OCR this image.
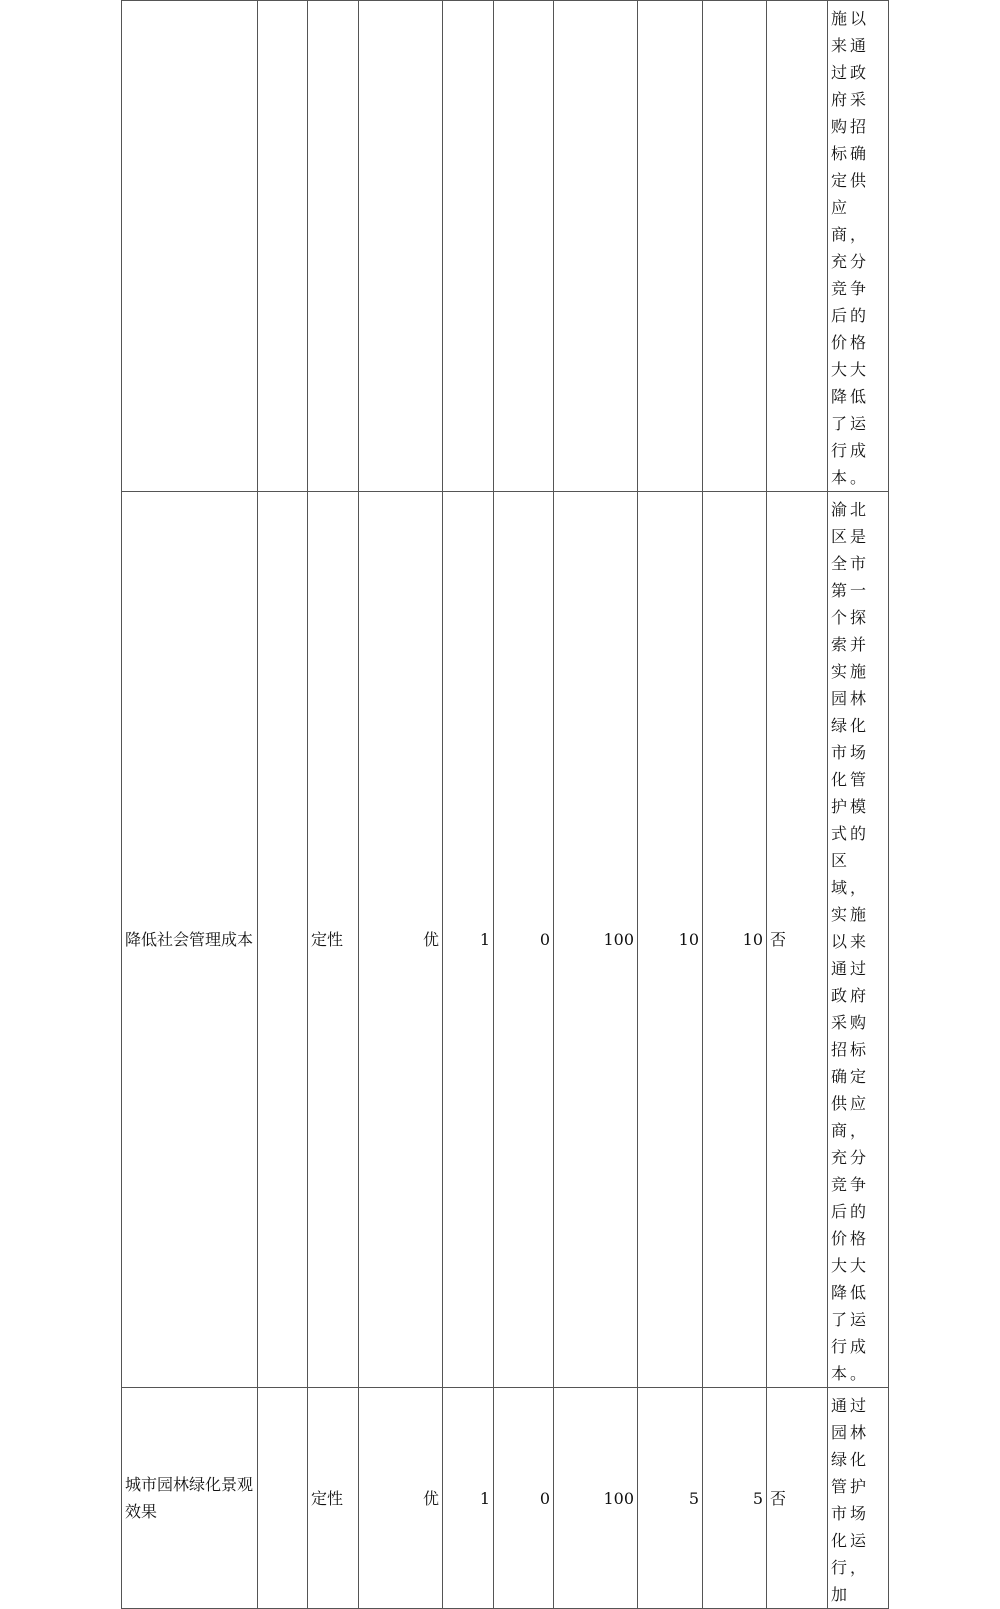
										施以来通过政府采购招标确定供应商，充分竞争后的价格大大降低了运行成本。
降低社会管理成本		定性	优	1	0	100	10	10	否	渝北区是全市第一个探索并实施园林绿化市场化管护模式的区域，实施以来通过政府采购招标确定供应商，充分竞争后的价格大大降低了运行成本。
城市园林绿化景观效果		定性	优	1	0	100	5	5	否	通过园林绿化管护市场化运行，加
